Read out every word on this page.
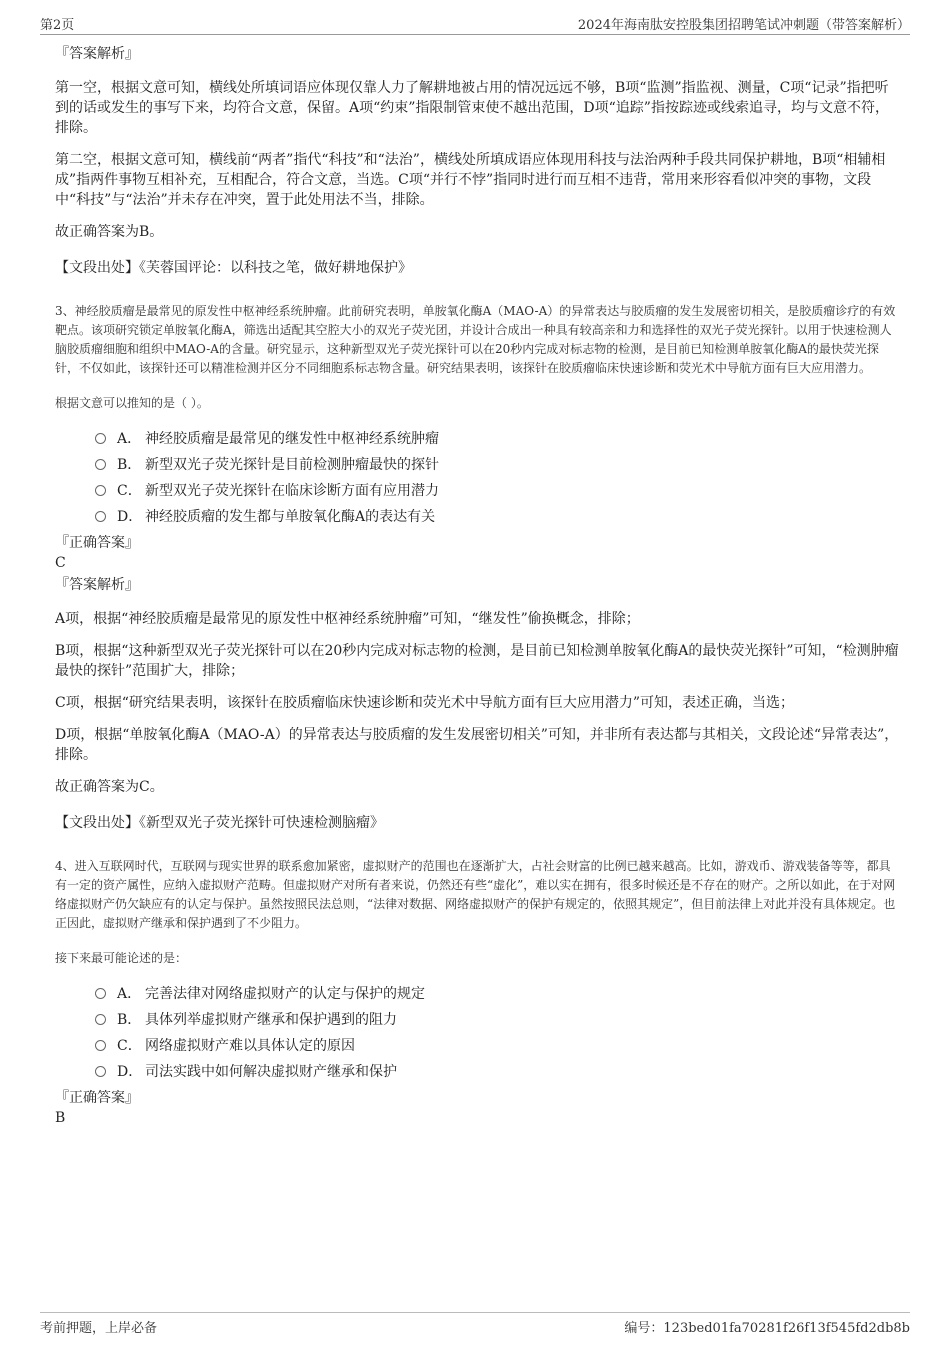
第2页	2024年海南肽安控股集团招聘笔试冲刺题（带答案解析）
『答案解析』

第一空，根据文意可知，横线处所填词语应体现仅靠人力了解耕地被占用的情况远远不够，B项“监测”指监视、测量，C项“记录”指把听到的话或发生的事写下来，均符合文意，保留。A项“约束”指限制管束使不越出范围，D项“追踪”指按踪迹或线索追寻，均与文意不符，排除。

第二空，根据文意可知，横线前“两者”指代“科技”和“法治”，横线处所填成语应体现用科技与法治两种手段共同保护耕地，B项“相辅相成”指两件事物互相补充，互相配合，符合文意，当选。C项“并行不悖”指同时进行而互相不违背，常用来形容看似冲突的事物，文段中“科技”与“法治”并未存在冲突，置于此处用法不当，排除。

故正确答案为B。

【文段出处】《芙蓉国评论：以科技之笔，做好耕地保护》

3、神经胶质瘤是最常见的原发性中枢神经系统肿瘤。此前研究表明，单胺氧化酶A（MAO-A）的异常表达与胶质瘤的发生发展密切相关，是胶质瘤诊疗的有效靶点。该项研究锁定单胺氧化酶A，筛选出适配其空腔大小的双光子荧光团，并设计合成出一种具有较高亲和力和选择性的双光子荧光探针。以用于快速检测人脑胶质瘤细胞和组织中MAO-A的含量。研究显示，这种新型双光子荧光探针可以在20秒内完成对标志物的检测，是目前已知检测单胺氧化酶A的最快荧光探针，不仅如此，该探针还可以精准检测并区分不同细胞系标志物含量。研究结果表明，该探针在胶质瘤临床快速诊断和荧光术中导航方面有巨大应用潜力。

根据文意可以推知的是（ ）。

A． 神经胶质瘤是最常见的继发性中枢神经系统肿瘤
B． 新型双光子荧光探针是目前检测肿瘤最快的探针
C． 新型双光子荧光探针在临床诊断方面有应用潜力
D． 神经胶质瘤的发生都与单胺氧化酶A的表达有关
『正确答案』
C
『答案解析』

A项，根据“神经胶质瘤是最常见的原发性中枢神经系统肿瘤”可知，“继发性”偷换概念，排除；

B项，根据“这种新型双光子荧光探针可以在20秒内完成对标志物的检测，是目前已知检测单胺氧化酶A的最快荧光探针”可知，“检测肿瘤最快的探针”范围扩大，排除；

C项，根据“研究结果表明，该探针在胶质瘤临床快速诊断和荧光术中导航方面有巨大应用潜力”可知，表述正确，当选；

D项，根据“单胺氧化酶A（MAO-A）的异常表达与胶质瘤的发生发展密切相关”可知，并非所有表达都与其相关，文段论述“异常表达”，排除。

故正确答案为C。

【文段出处】《新型双光子荧光探针可快速检测脑瘤》

4、进入互联网时代，互联网与现实世界的联系愈加紧密，虚拟财产的范围也在逐渐扩大，占社会财富的比例已越来越高。比如，游戏币、游戏装备等等，都具有一定的资产属性，应纳入虚拟财产范畴。但虚拟财产对所有者来说，仍然还有些“虚化”，难以实在拥有，很多时候还是不存在的财产。之所以如此，在于对网络虚拟财产仍欠缺应有的认定与保护。虽然按照民法总则，“法律对数据、网络虚拟财产的保护有规定的，依照其规定”，但目前法律上对此并没有具体规定。也正因此，虚拟财产继承和保护遇到了不少阻力。

接下来最可能论述的是：

A． 完善法律对网络虚拟财产的认定与保护的规定
B． 具体列举虚拟财产继承和保护遇到的阻力
C． 网络虚拟财产难以具体认定的原因
D． 司法实践中如何解决虚拟财产继承和保护
『正确答案』
B
考前押题，上岸必备	编号：123bed01fa70281f26f13f545fd2db8b
